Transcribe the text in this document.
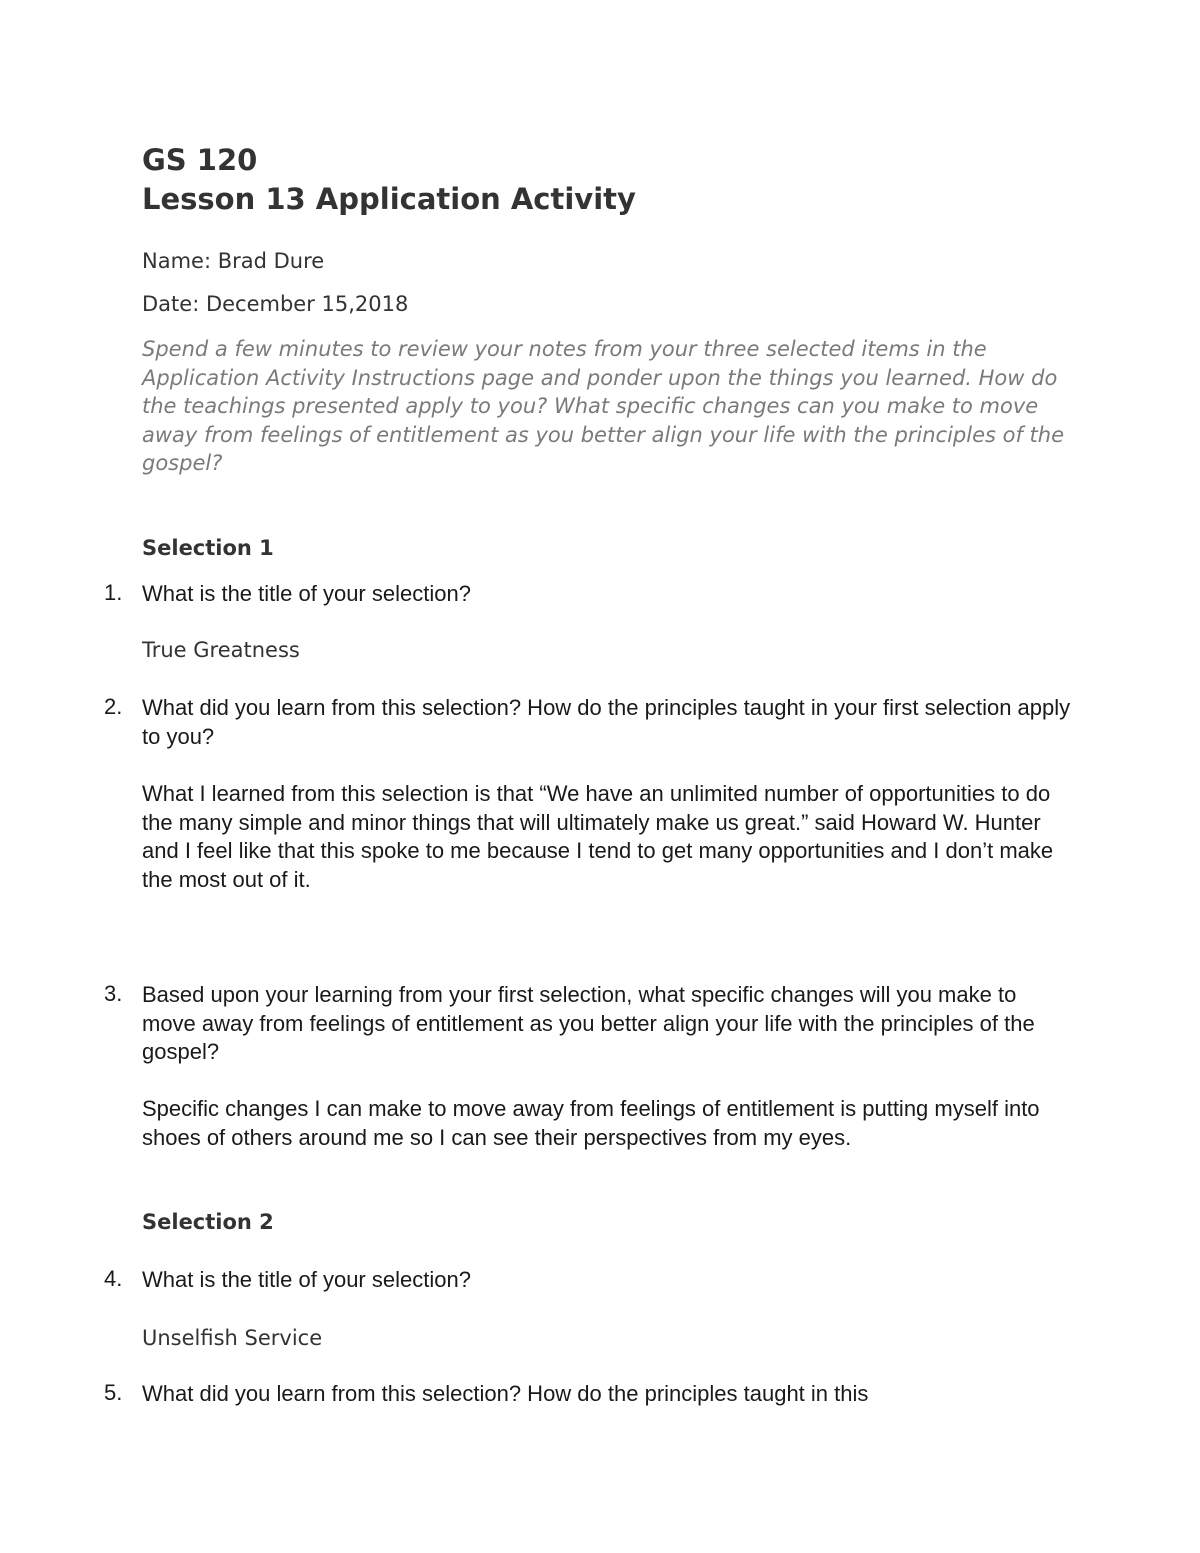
GS 120
Lesson 13 Application Activity
Name: Brad Dure
Date: December 15,2018
Spend a few minutes to review your notes from your three selected items in the Application Activity Instructions page and ponder upon the things you learned. How do the teachings presented apply to you? What specific changes can you make to move away from feelings of entitlement as you better align your life with the principles of the gospel?
Selection 1
1. What is the title of your selection?
True Greatness
2. What did you learn from this selection? How do the principles taught in your first selection apply to you?
What I learned from this selection is that “We have an unlimited number of opportunities to do the many simple and minor things that will ultimately make us great.” said Howard W. Hunter and I feel like that this spoke to me because I tend to get many opportunities and I don’t make the most out of it.
3. Based upon your learning from your first selection, what specific changes will you make to move away from feelings of entitlement as you better align your life with the principles of the gospel?
Specific changes I can make to move away from feelings of entitlement is putting myself into shoes of others around me so I can see their perspectives from my eyes.
Selection 2
4. What is the title of your selection?
Unselfish Service
5. What did you learn from this selection? How do the principles taught in this
